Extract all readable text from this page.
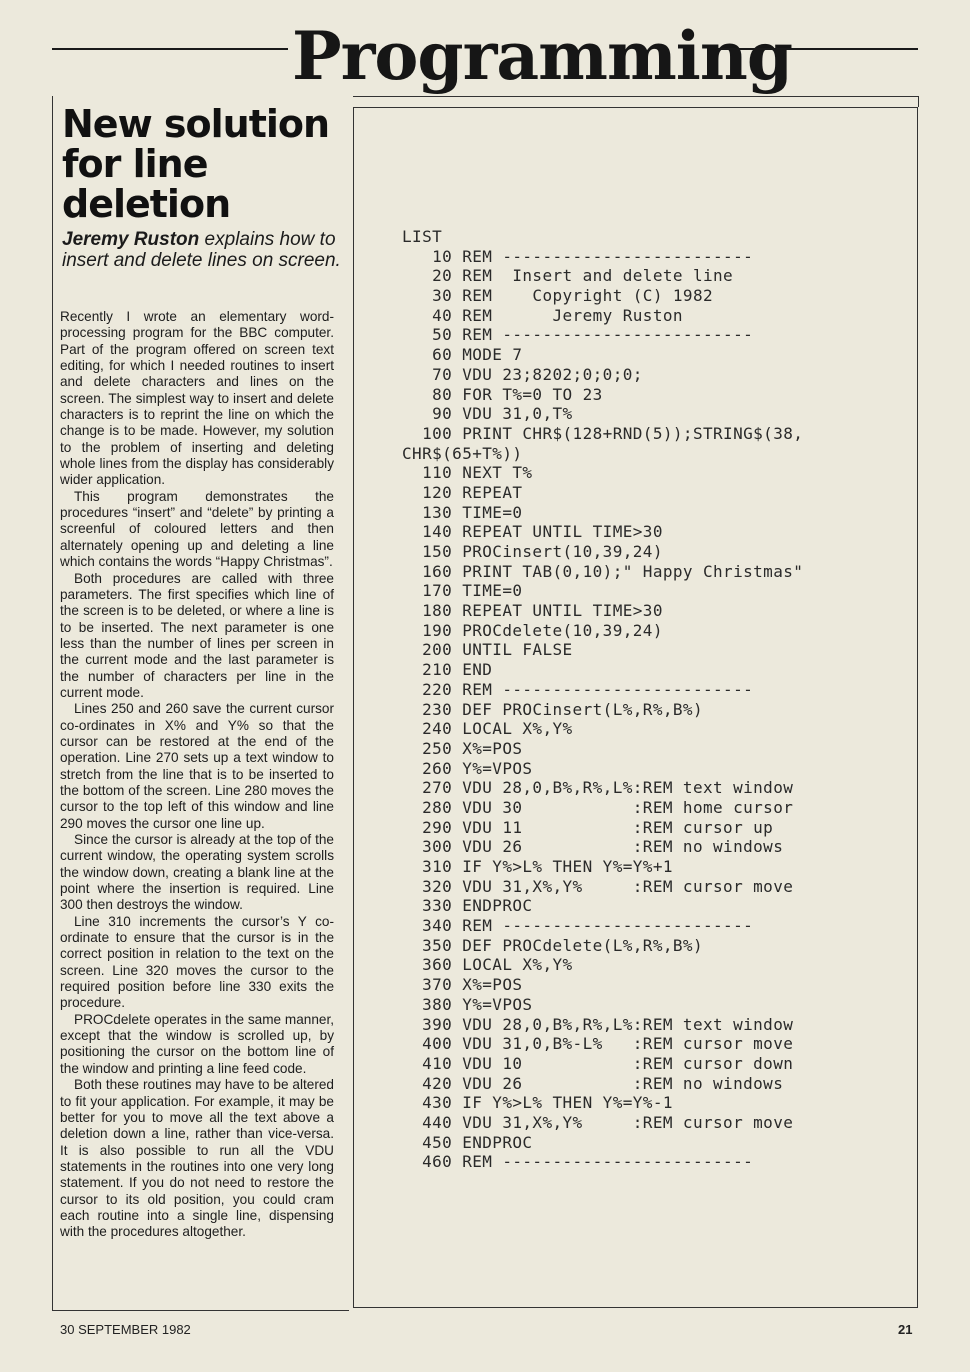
Programming
New solution for line deletion
Jeremy Ruston explains how to insert and delete lines on screen.

Recently I wrote an elementary word-processing program for the BBC computer. Part of the program offered on screen text editing, for which I needed routines to insert and delete characters and lines on the screen. The simplest way to insert and delete characters is to reprint the line on which the change is to be made. However, my solution to the problem of inserting and deleting whole lines from the display has considerably wider application.

This program demonstrates the procedures “insert” and “delete” by printing a screenful of coloured letters and then alternately opening up and deleting a line which contains the words “Happy Christmas”.

Both procedures are called with three parameters. The first specifies which line of the screen is to be deleted, or where a line is to be inserted. The next parameter is one less than the number of lines per screen in the current mode and the last parameter is the number of characters per line in the current mode.

Lines 250 and 260 save the current cursor co-ordinates in X% and Y% so that the cursor can be restored at the end of the operation. Line 270 sets up a text window to stretch from the line that is to be inserted to the bottom of the screen. Line 280 moves the cursor to the top left of this window and line 290 moves the cursor one line up.

Since the cursor is already at the top of the current window, the operating system scrolls the window down, creating a blank line at the point where the insertion is required. Line 300 then destroys the window.

Line 310 increments the cursor’s Y co-ordinate to ensure that the cursor is in the correct position in relation to the text on the screen. Line 320 moves the cursor to the required position before line 330 exits the procedure.

PROCdelete operates in the same manner, except that the window is scrolled up, by positioning the cursor on the bottom line of the window and printing a line feed code.

Both these routines may have to be altered to fit your application. For example, it may be better for you to move all the text above a deletion down a line, rather than vice-versa. It is also possible to run all the VDU statements in the routines into one very long statement. If you do not need to restore the cursor to its old position, you could cram each routine into a single line, dispensing with the procedures altogether.

LIST
10 REM -------------------------
20 REM  Insert and delete line
30 REM    Copyright (C) 1982
40 REM      Jeremy Ruston
50 REM -------------------------
60 MODE 7
70 VDU 23;8202;0;0;0;
80 FOR T%=0 TO 23
90 VDU 31,0,T%
100 PRINT CHR$(128+RND(5));STRING$(38,
CHR$(65+T%))
110 NEXT T%
120 REPEAT
130 TIME=0
140 REPEAT UNTIL TIME>30
150 PROCinsert(10,39,24)
160 PRINT TAB(0,10);" Happy Christmas"
170 TIME=0
180 REPEAT UNTIL TIME>30
190 PROCdelete(10,39,24)
200 UNTIL FALSE
210 END
220 REM -------------------------
230 DEF PROCinsert(L%,R%,B%)
240 LOCAL X%,Y%
250 X%=POS
260 Y%=VPOS
270 VDU 28,0,B%,R%,L%:REM text window
280 VDU 30           :REM home cursor
290 VDU 11           :REM cursor up
300 VDU 26           :REM no windows
310 IF Y%>L% THEN Y%=Y%+1
320 VDU 31,X%,Y%     :REM cursor move
330 ENDPROC
340 REM -------------------------
350 DEF PROCdelete(L%,R%,B%)
360 LOCAL X%,Y%
370 X%=POS
380 Y%=VPOS
390 VDU 28,0,B%,R%,L%:REM text window
400 VDU 31,0,B%-L%   :REM cursor move
410 VDU 10           :REM cursor down
420 VDU 26           :REM no windows
430 IF Y%>L% THEN Y%=Y%-1
440 VDU 31,X%,Y%     :REM cursor move
450 ENDPROC
460 REM -------------------------
30 SEPTEMBER 1982	21
